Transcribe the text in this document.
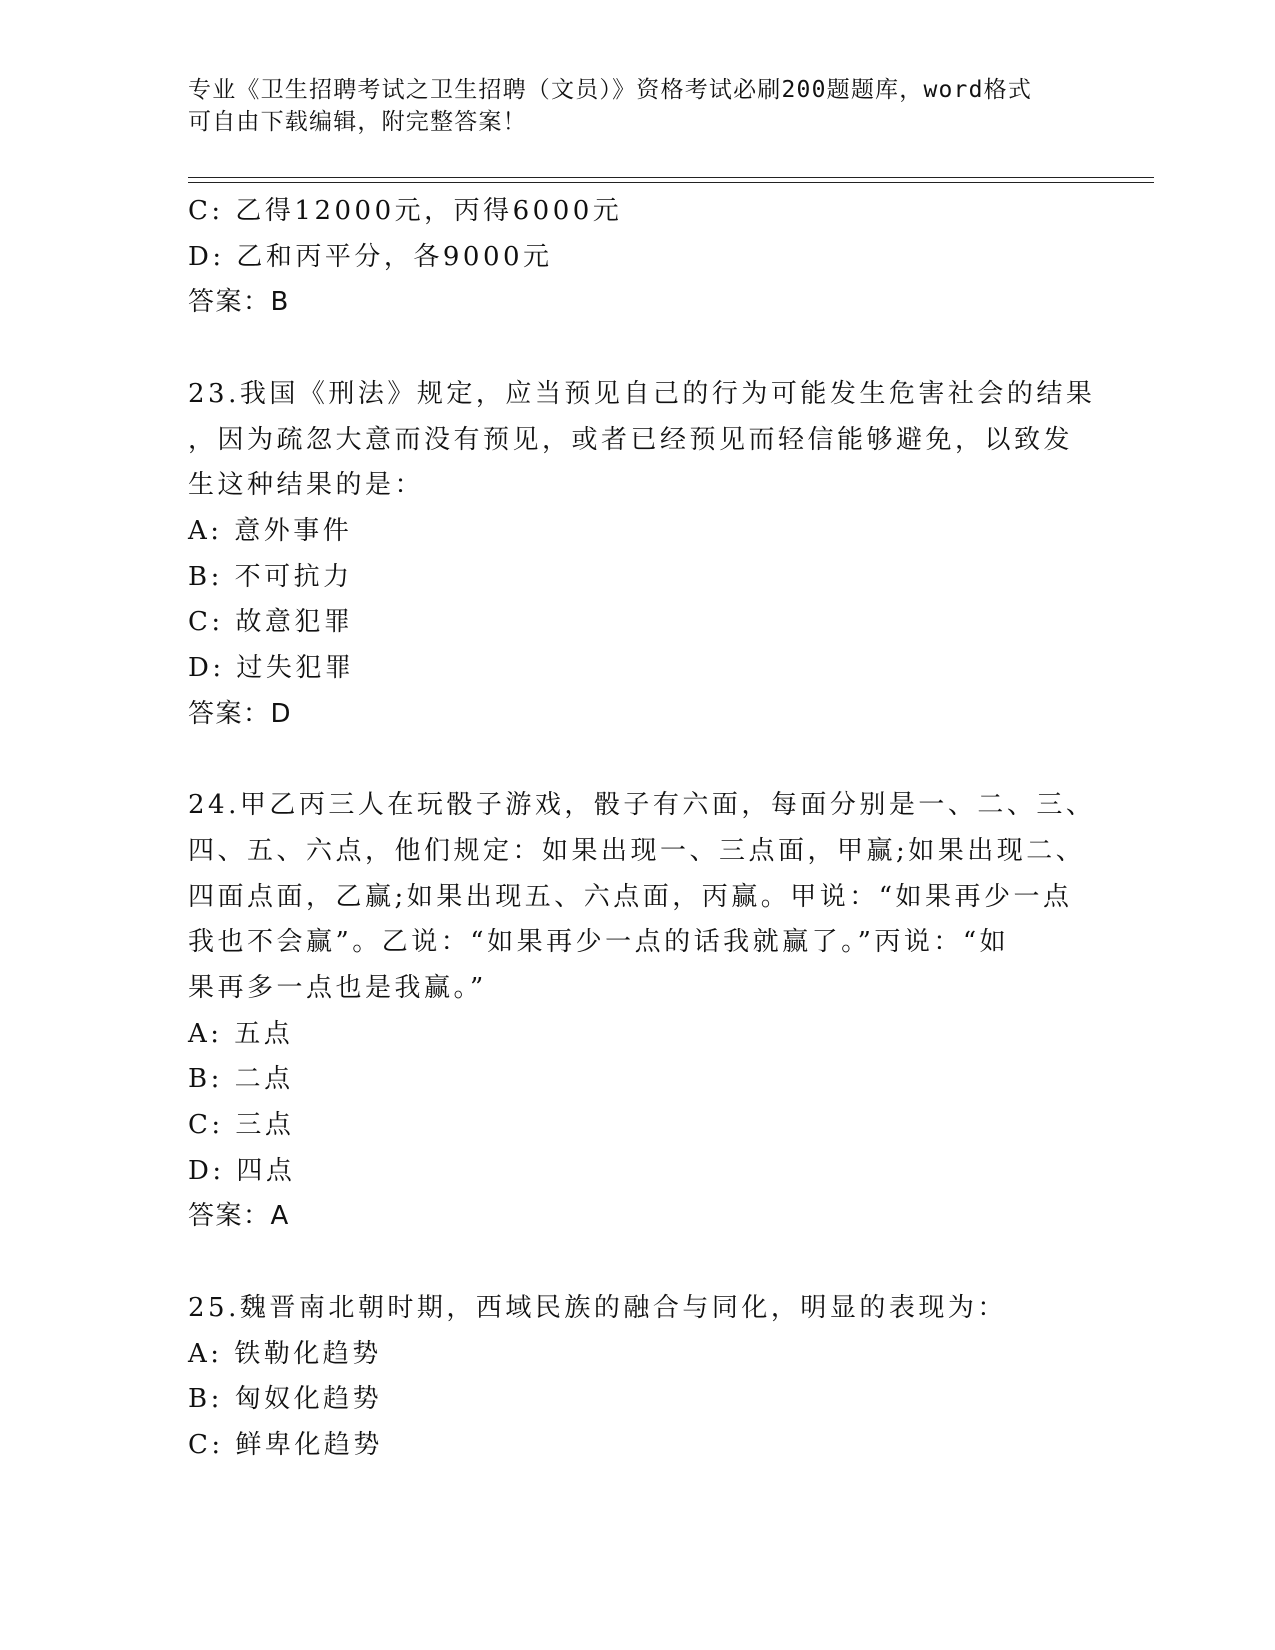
专业《卫生招聘考试之卫生招聘（文员）》资格考试必刷200题题库，word格式
可自由下载编辑，附完整答案！
C: 乙得12000元，丙得6000元
D: 乙和丙平分，各9000元
答案：B
23.我国《刑法》规定，应当预见自己的行为可能发生危害社会的结果
，因为疏忽大意而没有预见，或者已经预见而轻信能够避免，以致发
生这种结果的是：
A: 意外事件
B: 不可抗力
C: 故意犯罪
D: 过失犯罪
答案：D
24.甲乙丙三人在玩骰子游戏，骰子有六面，每面分别是一、二、三、
四、五、六点，他们规定：如果出现一、三点面，甲赢;如果出现二、
四面点面，乙赢;如果出现五、六点面，丙赢。甲说：“如果再少一点
我也不会赢”。乙说：“如果再少一点的话我就赢了。”丙说：“如
果再多一点也是我赢。”
A: 五点
B: 二点
C: 三点
D: 四点
答案：A
25.魏晋南北朝时期，西域民族的融合与同化，明显的表现为：
A: 铁勒化趋势
B: 匈奴化趋势
C: 鲜卑化趋势
